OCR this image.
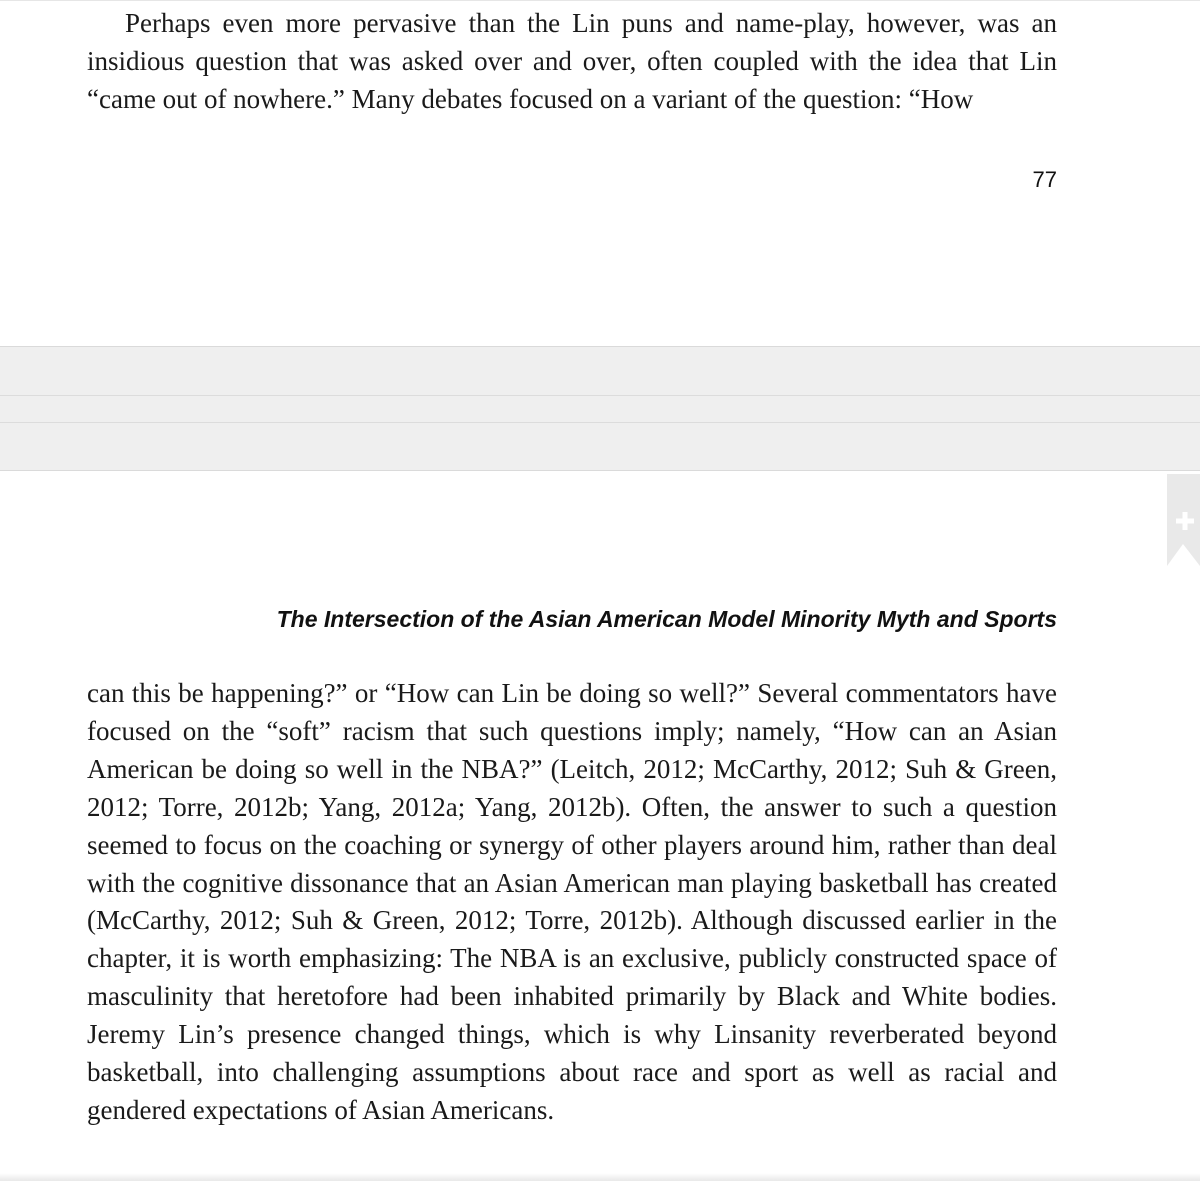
Perhaps even more pervasive than the Lin puns and name-play, however, was an insidious question that was asked over and over, often coupled with the idea that Lin “came out of nowhere.” Many debates focused on a variant of the question: “How

77
The Intersection of the Asian American Model Minority Myth and Sports

can this be happening?” or “How can Lin be doing so well?” Several commentators have focused on the “soft” racism that such questions imply; namely, “How can an Asian American be doing so well in the NBA?” (Leitch, 2012; McCarthy, 2012; Suh & Green, 2012; Torre, 2012b; Yang, 2012a; Yang, 2012b). Often, the answer to such a question seemed to focus on the coaching or synergy of other players around him, rather than deal with the cognitive dissonance that an Asian American man playing basketball has created (McCarthy, 2012; Suh & Green, 2012; Torre, 2012b). Although discussed earlier in the chapter, it is worth emphasizing: The NBA is an exclusive, publicly constructed space of masculinity that heretofore had been inhabited primarily by Black and White bodies. Jeremy Lin’s presence changed things, which is why Linsanity reverberated beyond basketball, into challenging assumptions about race and sport as well as racial and gendered expectations of Asian Americans.
